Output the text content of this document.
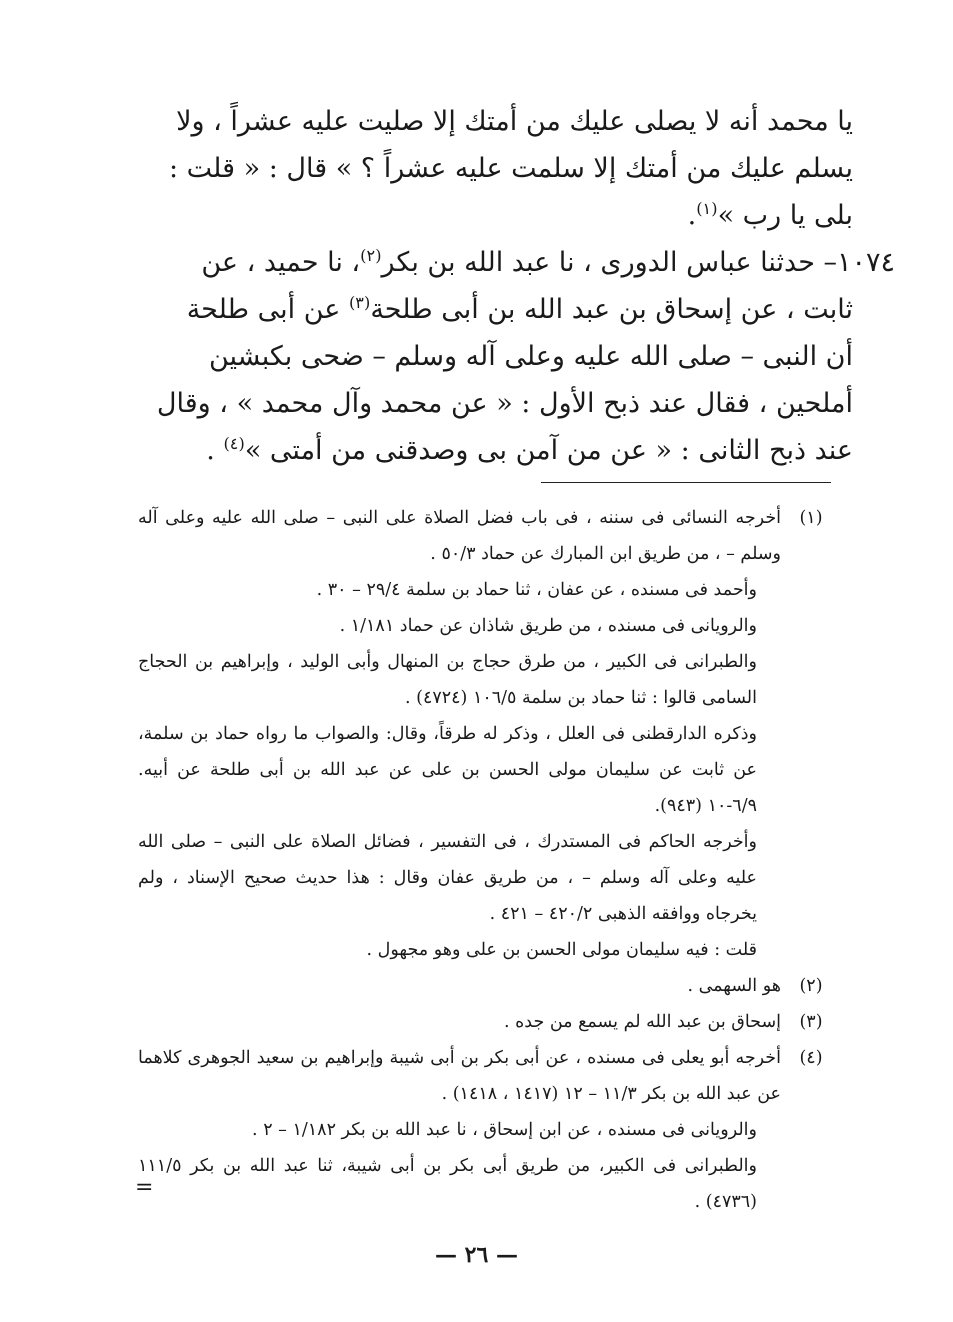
يا محمد أنه لا يصلى عليك من أمتك إلا صليت عليه عشراً ، ولا

يسلم عليك من أمتك إلا سلمت عليه عشراً ؟ » قال : « قلت :

بلى يا رب »$^{(١)}$.

١٠٧٤– حدثنا عباس الدورى ، نا عبد الله بن بكر$^{(٢)}$، نا حميد ، عن

ثابت ، عن إسحاق بن عبد الله بن أبى طلحة$^{(٣)}$ عن أبى طلحة

أن النبى – صلى الله عليه وعلى آله وسلم – ضحى بكبشين

أملحين ، فقال عند ذبح الأول : « عن محمد وآل محمد » ، وقال

عند ذبح الثانى : « عن من آمن بى وصدقنى من أمتى »$^{(٤)}$ .

(١)

أخرجه النسائى فى سننه ، فى باب فضل الصلاة على النبى – صلى الله عليه وعلى آله وسلم – ، من طريق ابن المبارك عن حماد ٥٠/٣ .

وأحمد فى مسنده ، عن عفان ، ثنا حماد بن سلمة ٢٩/٤ – ٣٠ .

والرويانى فى مسنده ، من طريق شاذان عن حماد ١/١٨١ .

والطبرانى فى الكبير ، من طرق حجاج بن المنهال وأبى الوليد ، وإبراهيم بن الحجاج السامى قالوا : ثنا حماد بن سلمة ١٠٦/٥ (٤٧٢٤) .

وذكره الدارقطنى فى العلل ، وذكر له طرقاً، وقال: والصواب ما رواه حماد بن سلمة، عن ثابت عن سليمان مولى الحسن بن على عن عبد الله بن أبى طلحة عن أبيه. ٦/٩-١٠ (٩٤٣).

وأخرجه الحاكم فى المستدرك ، فى التفسير ، فضائل الصلاة على النبى – صلى الله عليه وعلى آله وسلم – ، من طريق عفان وقال : هذا حديث صحيح الإسناد ، ولم يخرجاه ووافقه الذهبى ٤٢٠/٢ – ٤٢١ .

قلت : فيه سليمان مولى الحسن بن على وهو مجهول .

(٢)

هو السهمى .

(٣)

إسحاق بن عبد الله لم يسمع من جده .

(٤)

أخرجه أبو يعلى فى مسنده ، عن أبى بكر بن أبى شيبة وإبراهيم بن سعيد الجوهرى كلاهما عن عبد الله بن بكر ١١/٣ – ١٢ (١٤١٧ ، ١٤١٨) .

والرويانى فى مسنده ، عن ابن إسحاق ، نا عبد الله بن بكر ١/١٨٢ – ٢ .

والطبرانى فى الكبير، من طريق أبى بكر بن أبى شيبة، ثنا عبد الله بن بكر ١١١/٥ (٤٧٣٦) .

=
— ٢٦ —
